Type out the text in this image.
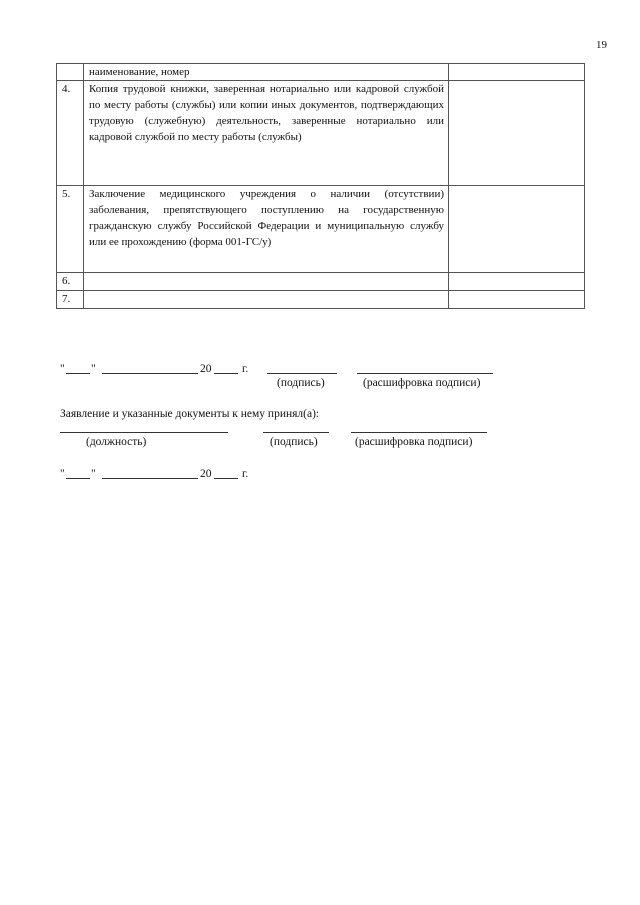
19
	наименование, номер	
4.	Копия трудовой книжки, заверенная нотариально или кадровой службой по месту работы (службы) или копии иных документов, подтверждающих трудовую (служебную) деятельность, заверенные нотариально или кадровой службой по месту работы (службы)	
5.	Заключение медицинского учреждения о наличии (отсутствии) заболевания, препятствующего поступлению на государственную гражданскую службу Российской Федерации и муниципальную службу или ее прохождению (форма 001-ГС/у)	
6.		
7.		
" "	20	г.
(подпись)	(расшифровка подписи)
Заявление и указанные документы к нему принял(а):
(должность)	(подпись)	(расшифровка подписи)
" "	20	г.
